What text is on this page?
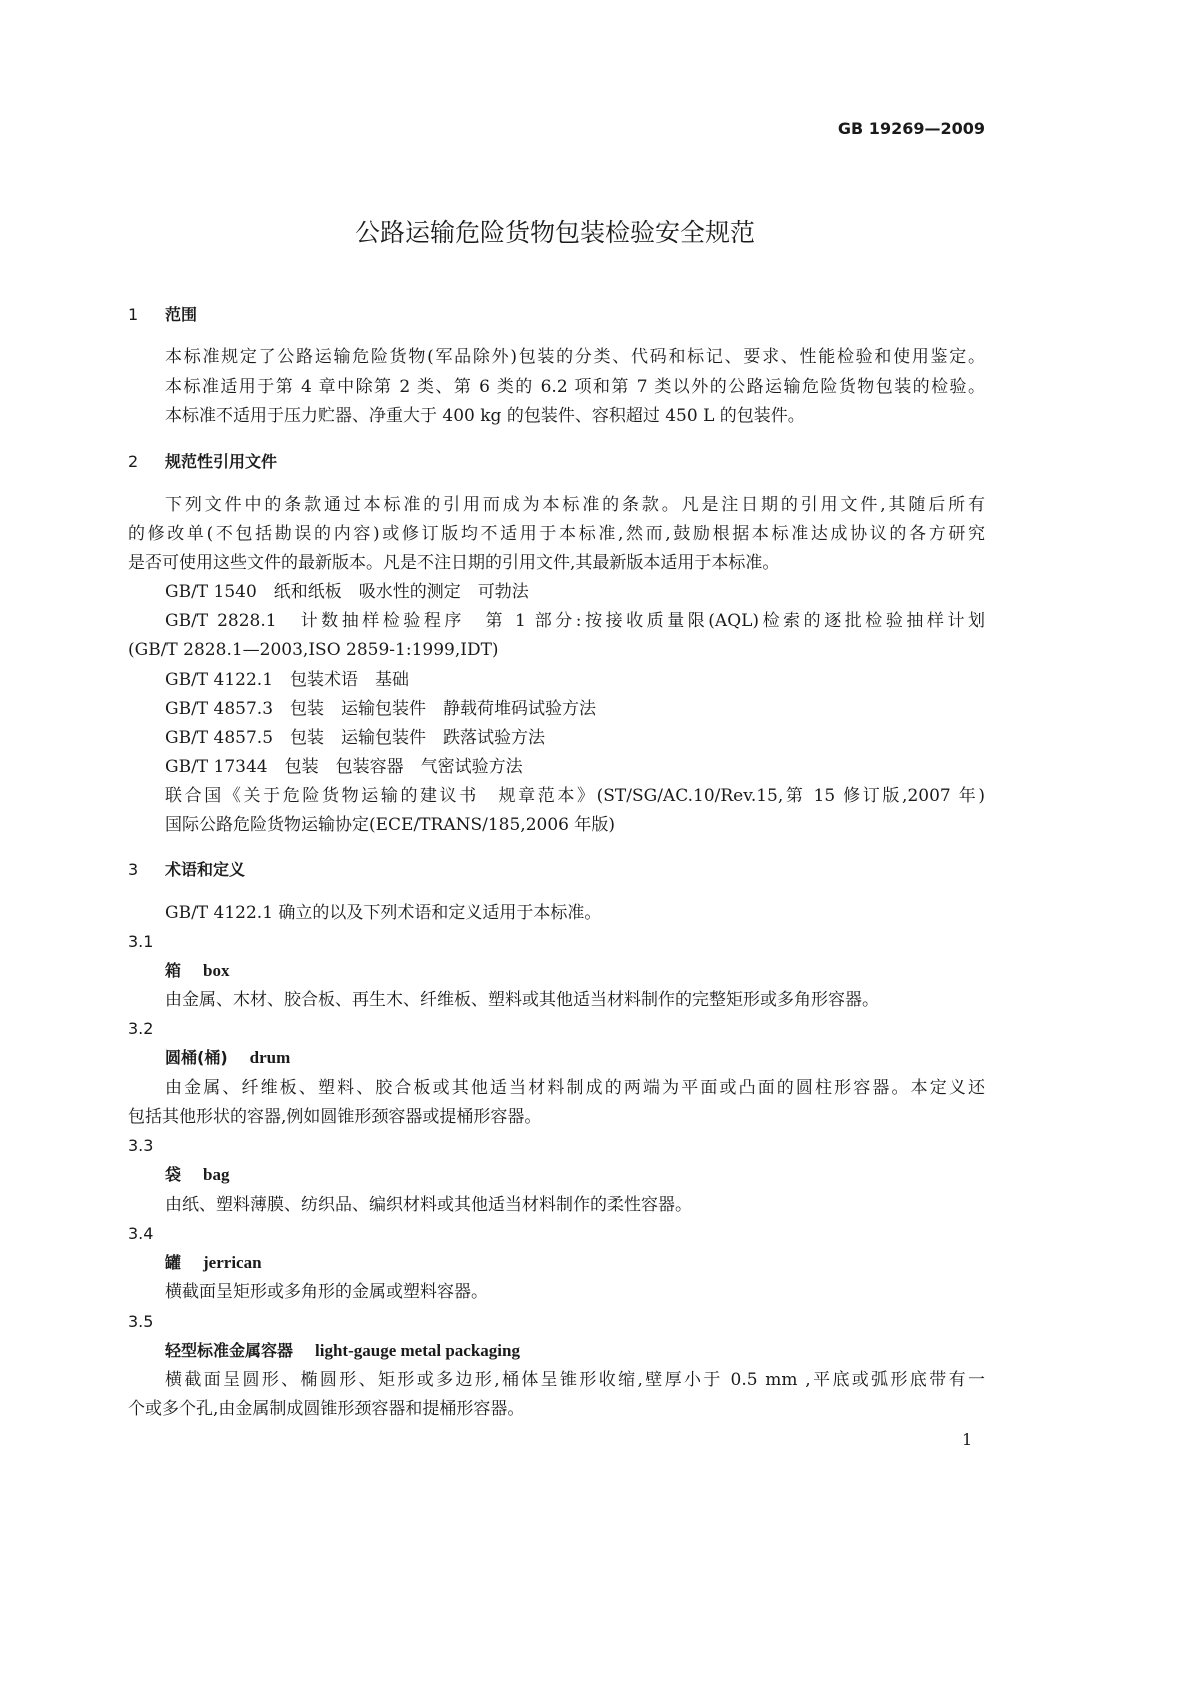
GB 19269—2009
公路运输危险货物包装检验安全规范
1 范围
本标准规定了公路运输危险货物(军品除外)包装的分类、代码和标记、要求、性能检验和使用鉴定。
本标准适用于第 4 章中除第 2 类、第 6 类的 6.2 项和第 7 类以外的公路运输危险货物包装的检验。
本标准不适用于压力贮器、净重大于 400 kg 的包装件、容积超过 450 L 的包装件。
2 规范性引用文件
下列文件中的条款通过本标准的引用而成为本标准的条款。凡是注日期的引用文件,其随后所有
的修改单(不包括勘误的内容)或修订版均不适用于本标准,然而,鼓励根据本标准达成协议的各方研究
是否可使用这些文件的最新版本。凡是不注日期的引用文件,其最新版本适用于本标准。
GB/T 1540　纸和纸板　吸水性的测定　可勃法
GB/T 2828.1　计数抽样检验程序　第 1 部分:按接收质量限(AQL)检索的逐批检验抽样计划
(GB/T 2828.1—2003,ISO 2859-1:1999,IDT)
GB/T 4122.1　包装术语　基础
GB/T 4857.3　包装　运输包装件　静载荷堆码试验方法
GB/T 4857.5　包装　运输包装件　跌落试验方法
GB/T 17344　包装　包装容器　气密试验方法
联合国《关于危险货物运输的建议书　规章范本》(ST/SG/AC.10/Rev.15,第 15 修订版,2007 年)
国际公路危险货物运输协定(ECE/TRANS/185,2006 年版)
3 术语和定义
GB/T 4122.1 确立的以及下列术语和定义适用于本标准。
3.1
箱 box
由金属、木材、胶合板、再生木、纤维板、塑料或其他适当材料制作的完整矩形或多角形容器。
3.2
圆桶(桶) drum
由金属、纤维板、塑料、胶合板或其他适当材料制成的两端为平面或凸面的圆柱形容器。本定义还
包括其他形状的容器,例如圆锥形颈容器或提桶形容器。
3.3
袋 bag
由纸、塑料薄膜、纺织品、编织材料或其他适当材料制作的柔性容器。
3.4
罐 jerrican
横截面呈矩形或多角形的金属或塑料容器。
3.5
轻型标准金属容器 light-gauge metal packaging
横截面呈圆形、椭圆形、矩形或多边形,桶体呈锥形收缩,壁厚小于 0.5 mm ,平底或弧形底带有一
个或多个孔,由金属制成圆锥形颈容器和提桶形容器。
1
